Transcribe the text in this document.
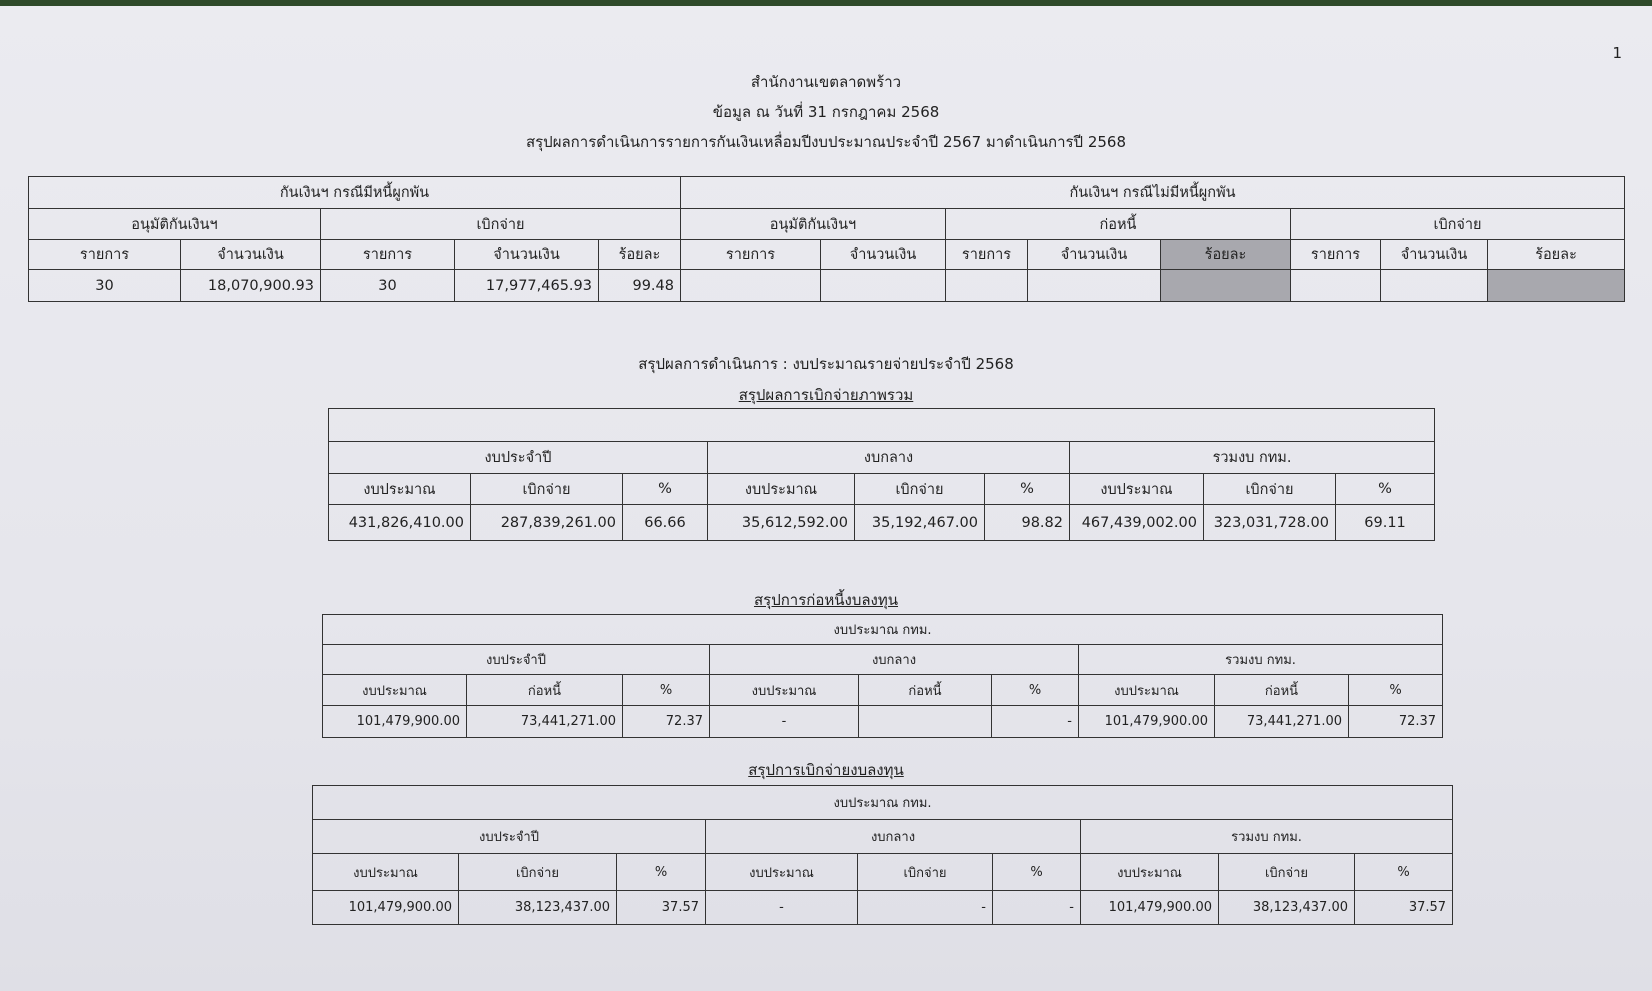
1
สำนักงานเขตลาดพร้าว
ข้อมูล ณ วันที่ 31 กรกฎาคม 2568
สรุปผลการดำเนินการรายการกันเงินเหลื่อมปีงบประมาณประจำปี 2567 มาดำเนินการปี 2568
กันเงินฯ กรณีมีหนี้ผูกพัน					กันเงินฯ กรณีไม่มีหนี้ผูกพัน							
อนุมัติกันเงินฯ		เบิกจ่าย			อนุมัติกันเงินฯ		ก่อหนี้			เบิกจ่าย		
รายการ	จำนวนเงิน	รายการ	จำนวนเงิน	ร้อยละ	รายการ	จำนวนเงิน	รายการ	จำนวนเงิน	ร้อยละ	รายการ	จำนวนเงิน	ร้อยละ
30	18,070,900.93	30	17,977,465.93	99.48								
สรุปผลการดำเนินการ : งบประมาณรายจ่ายประจำปี 2568
สรุปผลการเบิกจ่ายภาพรวม

งบประจำปี			งบกลาง			รวมงบ กทม.		
งบประมาณ	เบิกจ่าย	%	งบประมาณ	เบิกจ่าย	%	งบประมาณ	เบิกจ่าย	%
431,826,410.00	287,839,261.00	66.66	35,612,592.00	35,192,467.00	98.82	467,439,002.00	323,031,728.00	69.11
สรุปการก่อหนี้งบลงทุน
งบประมาณ กทม.								
งบประจำปี			งบกลาง			รวมงบ กทม.		
งบประมาณ	ก่อหนี้	%	งบประมาณ	ก่อหนี้	%	งบประมาณ	ก่อหนี้	%
101,479,900.00	73,441,271.00	72.37	-		-	101,479,900.00	73,441,271.00	72.37
สรุปการเบิกจ่ายงบลงทุน
งบประมาณ กทม.								
งบประจำปี			งบกลาง			รวมงบ กทม.		
งบประมาณ	เบิกจ่าย	%	งบประมาณ	เบิกจ่าย	%	งบประมาณ	เบิกจ่าย	%
101,479,900.00	38,123,437.00	37.57	-	-	-	101,479,900.00	38,123,437.00	37.57
